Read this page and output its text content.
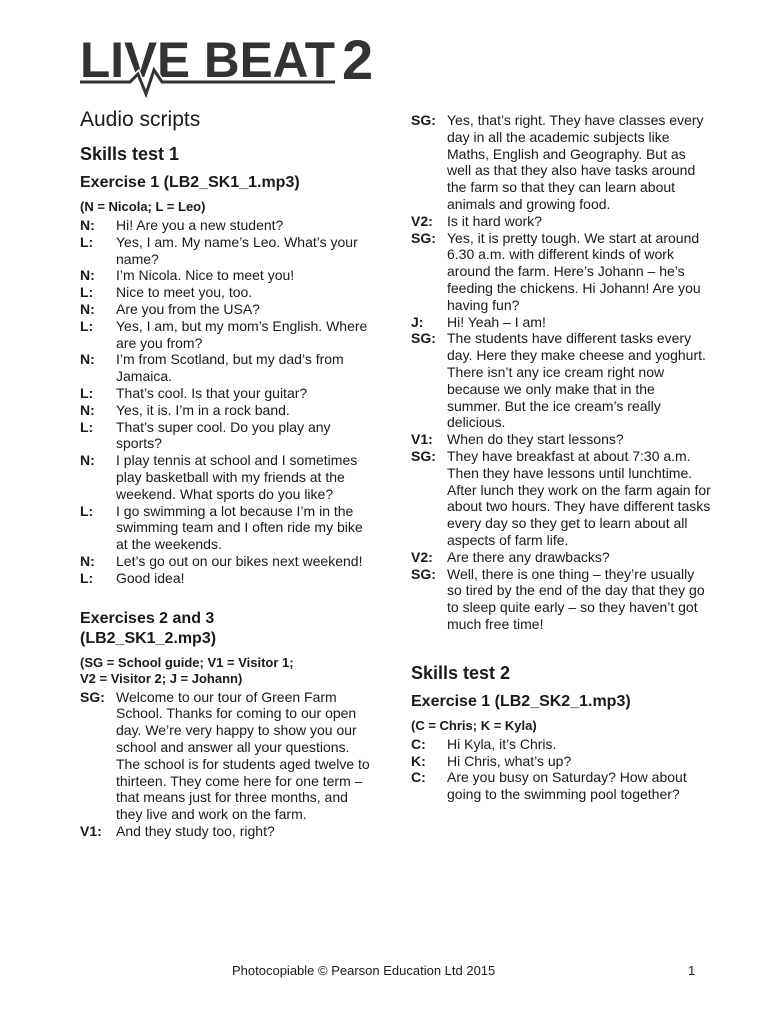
LIVE BEAT 2
Audio scripts
Skills test 1
Exercise 1 (LB2_SK1_1.mp3)
(N = Nicola; L = Leo)
N:	Hi! Are you a new student?
L:	Yes, I am. My name’s Leo. What’s your name?
N:	I’m Nicola. Nice to meet you!
L:	Nice to meet you, too.
N:	Are you from the USA?
L:	Yes, I am, but my mom’s English. Where are you from?
N:	I’m from Scotland, but my dad’s from Jamaica.
L:	That’s cool. Is that your guitar?
N:	Yes, it is. I’m in a rock band.
L:	That’s super cool. Do you play any sports?
N:	I play tennis at school and I sometimes play basketball with my friends at the weekend. What sports do you like?
L:	I go swimming a lot because I’m in the swimming team and I often ride my bike at the weekends.
N:	Let’s go out on our bikes next weekend!
L:	Good idea!
Exercises 2 and 3
(LB2_SK1_2.mp3)
(SG = School guide; V1 = Visitor 1;
V2 = Visitor 2; J = Johann)
SG: Welcome to our tour of Green Farm School. Thanks for coming to our open day. We’re very happy to show you our school and answer all your questions. The school is for students aged twelve to thirteen. They come here for one term – that means just for three months, and they live and work on the farm.
V1:	And they study too, right?
SG: Yes, that’s right. They have classes every day in all the academic subjects like Maths, English and Geography. But as well as that they also have tasks around the farm so that they can learn about animals and growing food.
V2:	Is it hard work?
SG: Yes, it is pretty tough. We start at around 6.30 a.m. with different kinds of work around the farm. Here’s Johann – he’s feeding the chickens. Hi Johann! Are you having fun?
J:	Hi! Yeah – I am!
SG: The students have different tasks every day. Here they make cheese and yoghurt. There isn’t any ice cream right now because we only make that in the summer. But the ice cream’s really delicious.
V1:	When do they start lessons?
SG: They have breakfast at about 7:30 a.m. Then they have lessons until lunchtime. After lunch they work on the farm again for about two hours. They have different tasks every day so they get to learn about all aspects of farm life.
V2:	Are there any drawbacks?
SG: Well, there is one thing – they’re usually so tired by the end of the day that they go to sleep quite early – so they haven’t got much free time!
Skills test 2
Exercise 1 (LB2_SK2_1.mp3)
(C = Chris; K = Kyla)
C:	Hi Kyla, it’s Chris.
K:	Hi Chris, what’s up?
C:	Are you busy on Saturday? How about going to the swimming pool together?
Photocopiable © Pearson Education Ltd 2015	1
